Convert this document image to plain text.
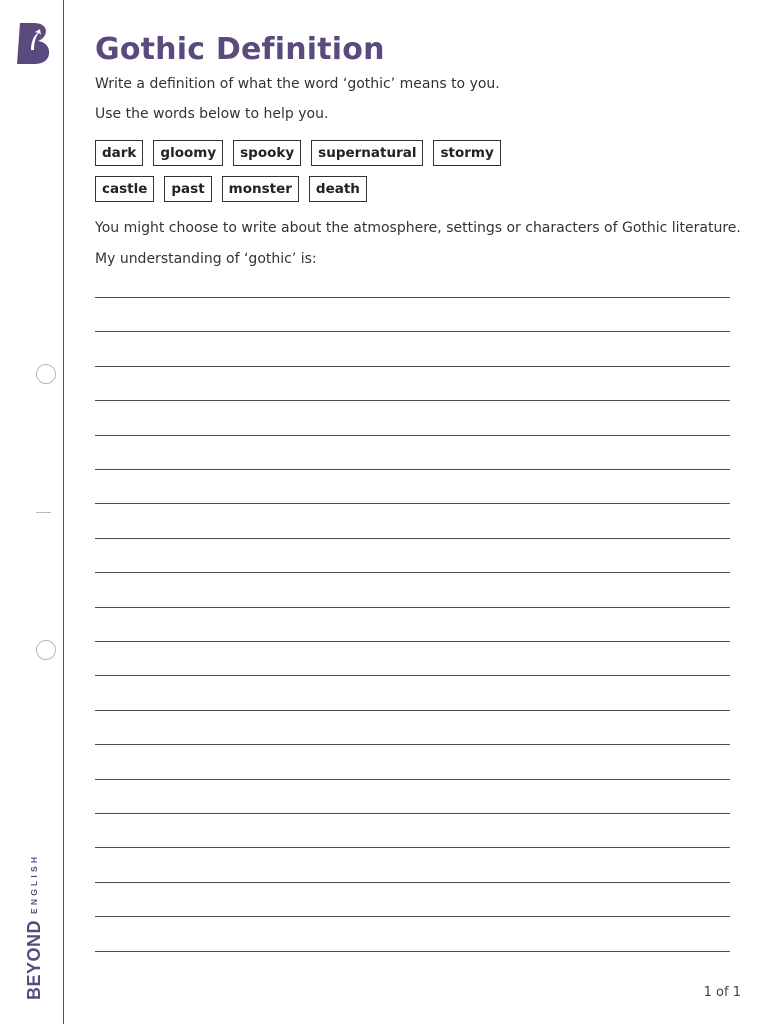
BEYOND
ENGLISH
Gothic Definition

Write a definition of what the word ‘gothic’ means to you.

Use the words below to help you.

dark	gloomy	spooky	supernatural	stormy
castle	past	monster	death

You might choose to write about the atmosphere, settings or characters of Gothic literature.

My understanding of ‘gothic’ is:

1 of 1
